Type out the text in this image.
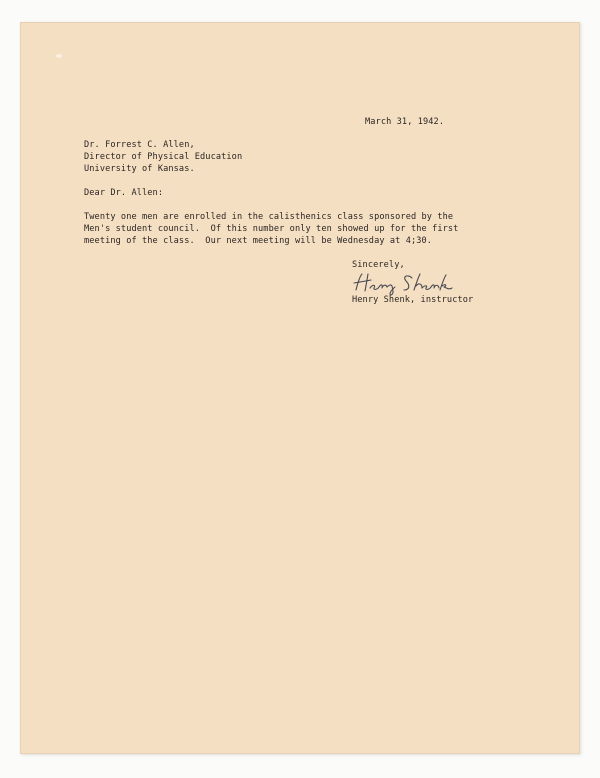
March 31, 1942.
Dr. Forrest C. Allen,
Director of Physical Education
University of Kansas.
Dear Dr. Allen:
Twenty one men are enrolled in the calisthenics class sponsored by the
Men's student council.  Of this number only ten showed up for the first
meeting of the class.  Our next meeting will be Wednesday at 4;30.
Sincerely,
Henry Shenk, instructor
